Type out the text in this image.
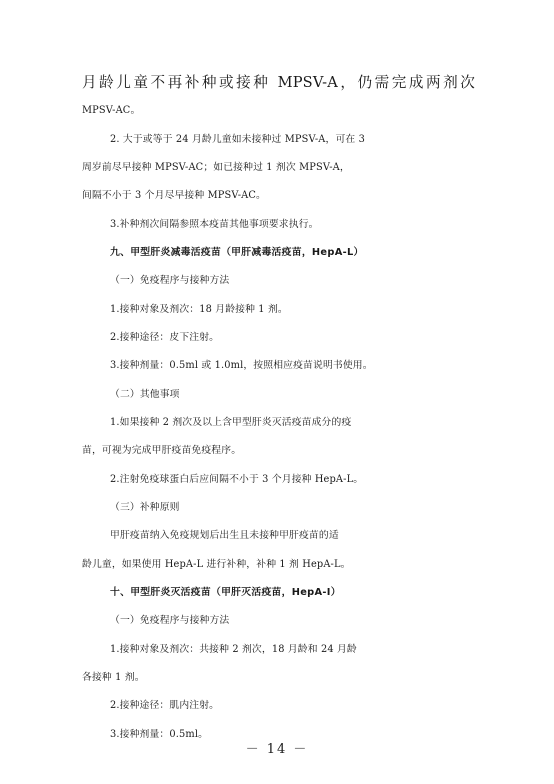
月龄儿童不再补种或接种 MPSV-A，仍需完成两剂次

MPSV-AC。

2. 大于或等于 24 月龄儿童如未接种过 MPSV-A，可在 3

周岁前尽早接种 MPSV-AC；如已接种过 1 剂次 MPSV-A，

间隔不小于 3 个月尽早接种 MPSV-AC。

3.补种剂次间隔参照本疫苗其他事项要求执行。

九、甲型肝炎减毒活疫苗（甲肝减毒活疫苗，HepA-L）

（一）免疫程序与接种方法

1.接种对象及剂次：18 月龄接种 1 剂。

2.接种途径：皮下注射。

3.接种剂量：0.5ml 或 1.0ml，按照相应疫苗说明书使用。

（二）其他事项

1.如果接种 2 剂次及以上含甲型肝炎灭活疫苗成分的疫

苗，可视为完成甲肝疫苗免疫程序。

2.注射免疫球蛋白后应间隔不小于 3 个月接种 HepA-L。

（三）补种原则

甲肝疫苗纳入免疫规划后出生且未接种甲肝疫苗的适

龄儿童，如果使用 HepA-L 进行补种，补种 1 剂 HepA-L。

十、甲型肝炎灭活疫苗（甲肝灭活疫苗，HepA-I）

（一）免疫程序与接种方法

1.接种对象及剂次：共接种 2 剂次，18 月龄和 24 月龄

各接种 1 剂。

2.接种途径：肌内注射。

3.接种剂量：0.5ml。

－ 14 －
